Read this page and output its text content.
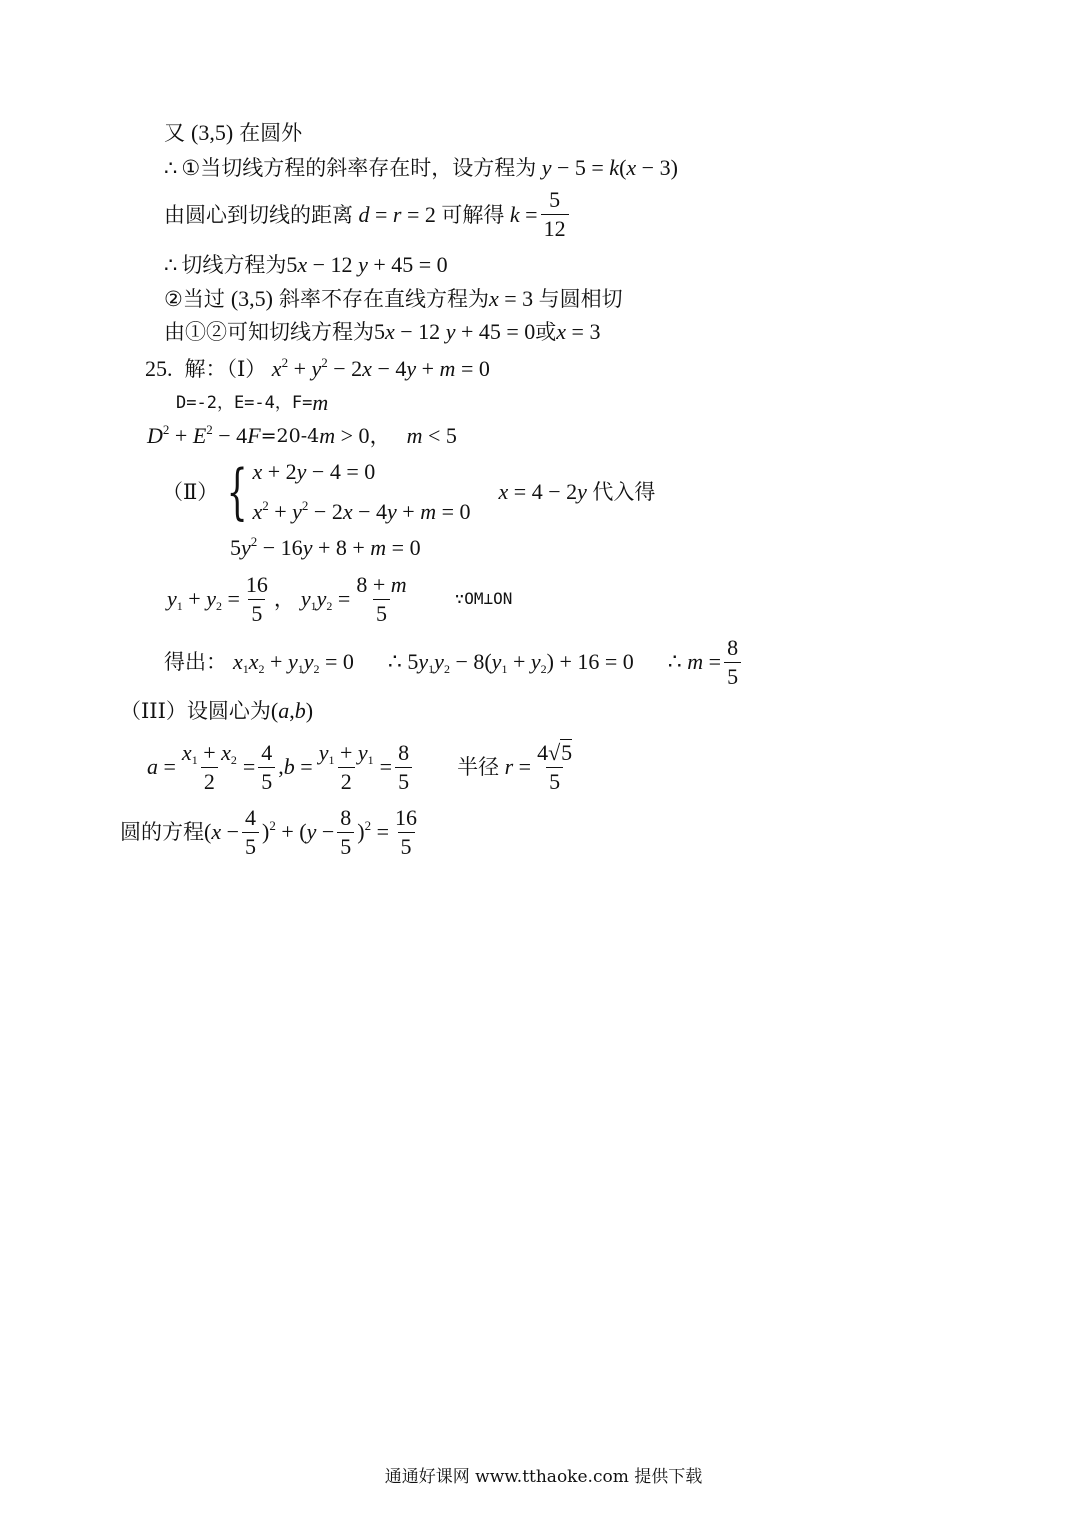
又 (3,5) 在圆外
∴ ① 当切线方程的斜率存在时，设方程为 y − 5 = k(x − 3)
由圆心到切线的距离 d = r = 2 可解得 $k = \frac{5}{12}$
∴ 切线方程为 5x − 12 y + 45 = 0
② 当过 (3,5) 斜率不存在直线方程为 x = 3 与圆相切
由①②可知切线方程为 5x − 12 y + 45 = 0 或 x = 3
25. 解：（Ⅰ） $x^2 + y^2 - 2x - 4y + m = 0$
D=-2，E=-4，F= m
$D^2 + E^2 - 4F =20-4$ m > 0 ， m < 5
（Ⅱ） { x + 2y − 4 = 0
$x^2 + y^2 - 2x - 4y + m = 0$
x = 4 − 2y 代入得
$5y^2 - 16y + 8 + m = 0$
$y_1 + y_2 = \frac{16}{5}$ ， $y_1y_2 = \frac{8 + m}{5}$	∵OM⊥ON
得出： $x_1x_2 + y_1y_2 = 0$ ∴ $5y_1y_2 - 8(y_1 + y_2) + 16 = 0$ ∴ $m = \frac{8}{5}$
（III）设圆心为 (a,b)
$a = \frac{x_1 + x_2}{2} = \frac{4}{5} ,b = \frac{y_1 + y_1}{2} = \frac{8}{5}$ 半径 $r = \frac{4√5}{5}$
圆的方程 $(x - \frac{4}{5} )^2 + (y - \frac{8}{5} )^2 = \frac{16}{5}$
通通好课网 www.tthaoke.com 提供下载
